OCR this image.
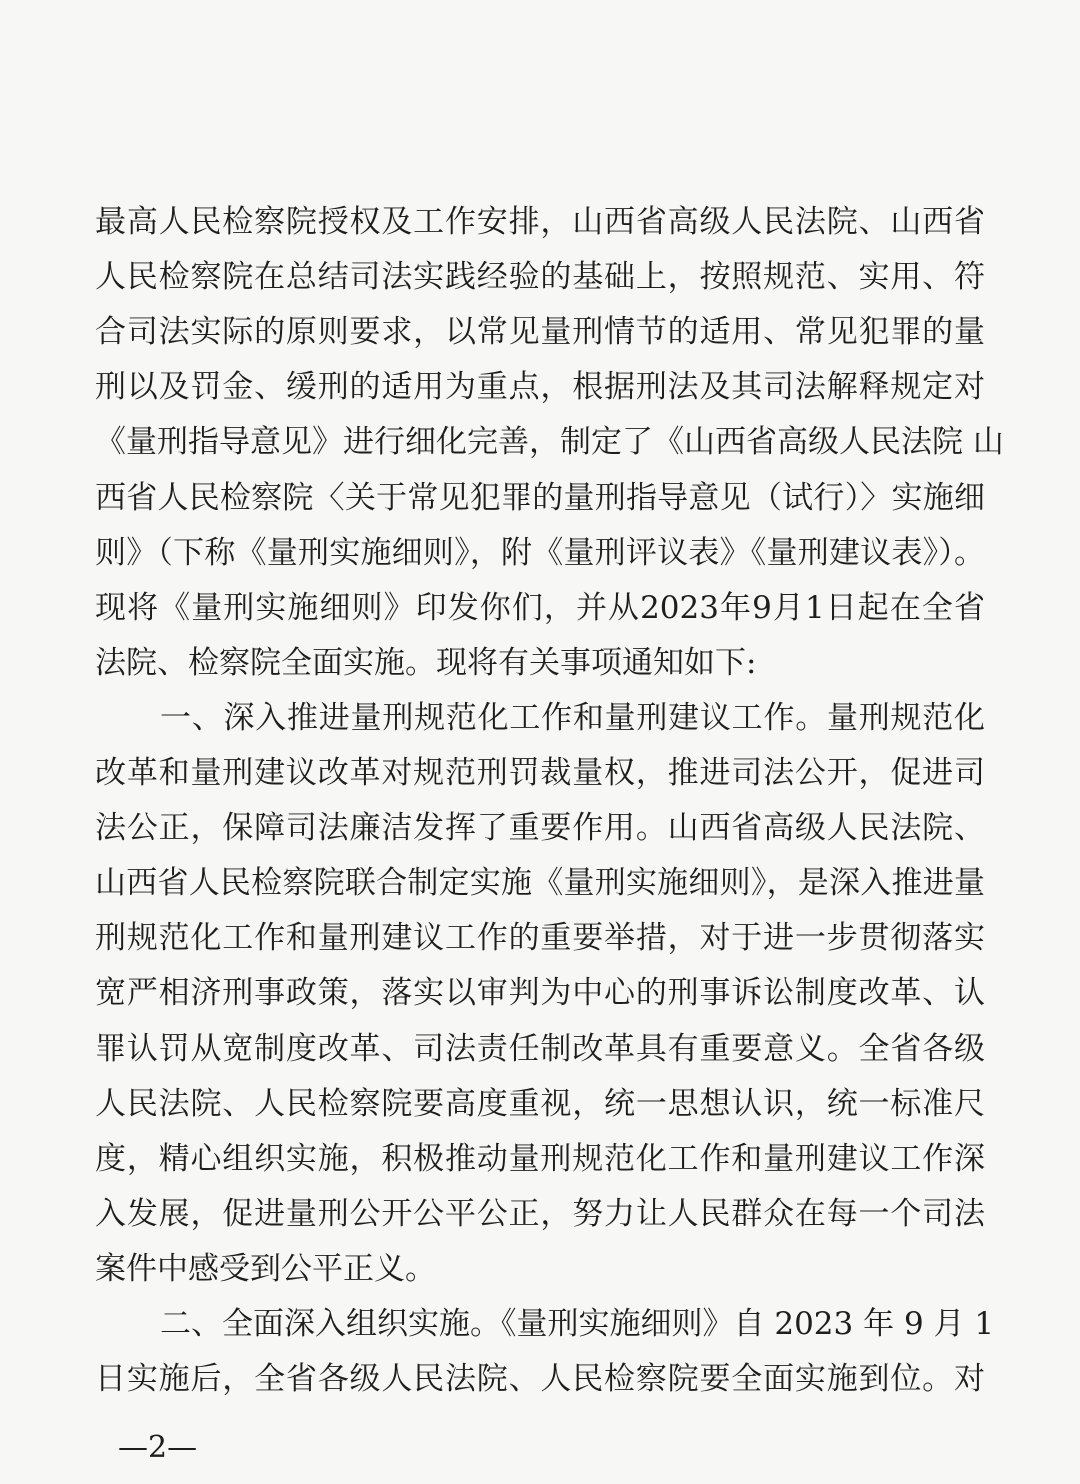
最高人民检察院授权及工作安排，山西省高级人民法院、山西省
人民检察院在总结司法实践经验的基础上，按照规范、实用、符
合司法实际的原则要求，以常见量刑情节的适用、常见犯罪的量
刑以及罚金、缓刑的适用为重点，根据刑法及其司法解释规定对
《量刑指导意见》进行细化完善，制定了《山西省高级人民法院 山
西省人民检察院〈关于常见犯罪的量刑指导意见（试行）〉实施细
则》（下称《量刑实施细则》，附《量刑评议表》《量刑建议表》）。
现将《量刑实施细则》印发你们，并从2023年9月1日起在全省
法院、检察院全面实施。现将有关事项通知如下:
一、深入推进量刑规范化工作和量刑建议工作。量刑规范化
改革和量刑建议改革对规范刑罚裁量权，推进司法公开，促进司
法公正，保障司法廉洁发挥了重要作用。山西省高级人民法院、
山西省人民检察院联合制定实施《量刑实施细则》，是深入推进量
刑规范化工作和量刑建议工作的重要举措，对于进一步贯彻落实
宽严相济刑事政策，落实以审判为中心的刑事诉讼制度改革、认
罪认罚从宽制度改革、司法责任制改革具有重要意义。全省各级
人民法院、人民检察院要高度重视，统一思想认识，统一标准尺
度，精心组织实施，积极推动量刑规范化工作和量刑建议工作深
入发展，促进量刑公开公平公正，努力让人民群众在每一个司法
案件中感受到公平正义。
二、全面深入组织实施。《量刑实施细则》自 2023 年 9 月 1
日实施后，全省各级人民法院、人民检察院要全面实施到位。对
—2—
